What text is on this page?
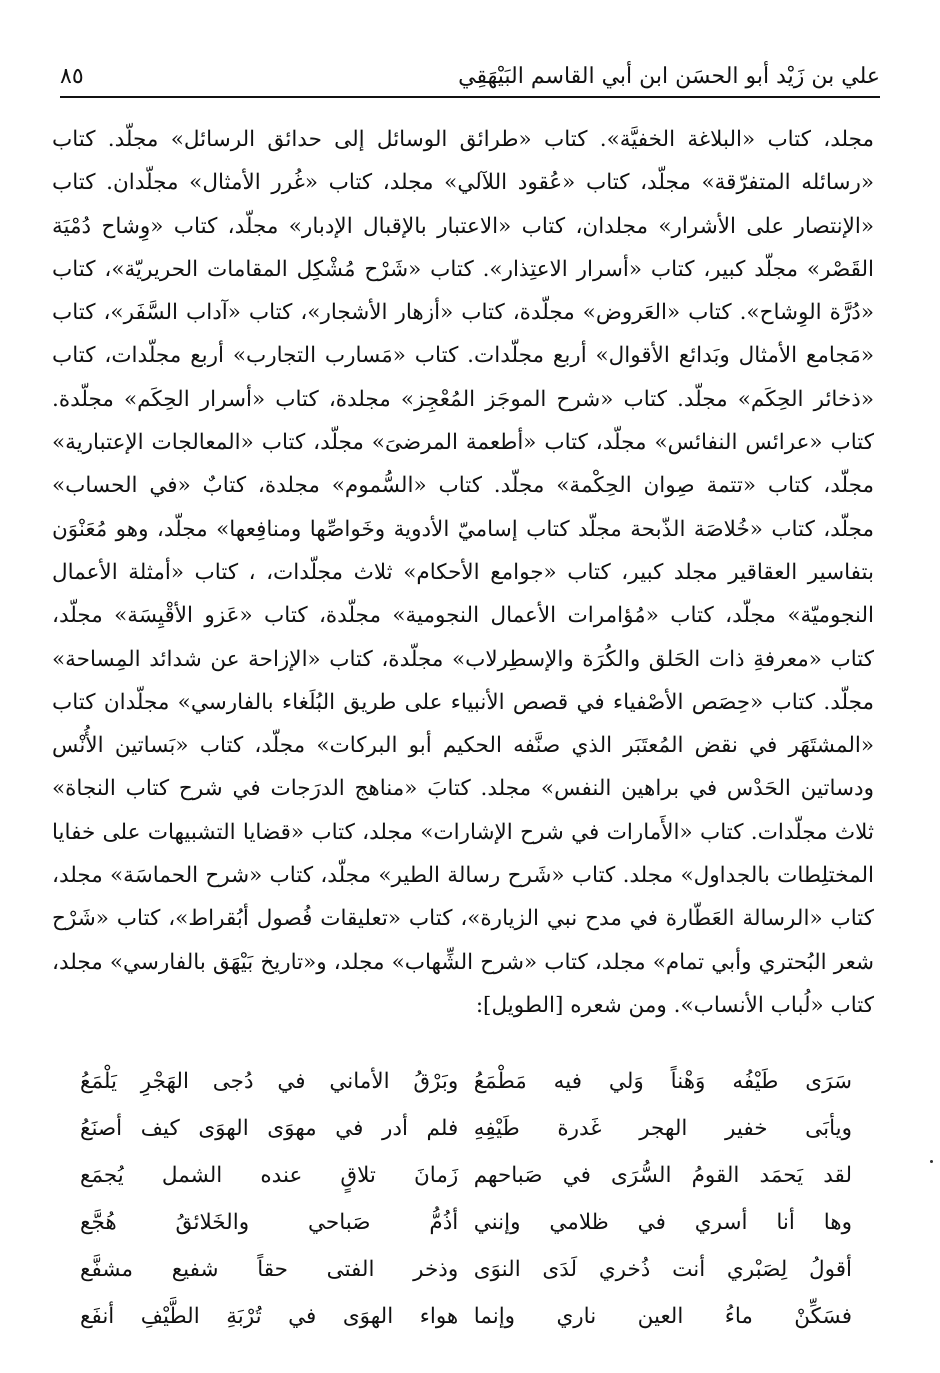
علي بن زَيْد أبو الحسَن ابن أبي القاسم البَيْهَقِي
٨٥
مجلد، كتاب «البلاغة الخفيَّة». كتاب «طرائق الوسائل إلى حدائق الرسائل» مجلّد. كتاب «رسائله المتفرّقة» مجلّد، كتاب «عُقود اللآلي» مجلد، كتاب «غُرر الأمثال» مجلّدان. كتاب «الإنتصار على الأشرار» مجلدان، كتاب «الاعتبار بالإقبال الإدبار» مجلّد، كتاب «وِشاح دُمْيَة القَصْر» مجلّد كبير، كتاب «أسرار الاعتِذار». كتاب «شَرْح مُشْكِل المقامات الحريريّة»، كتاب «دُرَّة الوِشاح». كتاب «العَروض» مجلّدة، كتاب «أزهار الأشجار»، كتاب «آداب السَّفَر»، كتاب «مَجامع الأمثال وبَدائع الأقوال» أربع مجلّدات. كتاب «مَسارب التجارب» أربع مجلّدات، كتاب «ذخائر الحِكَم» مجلّد. كتاب «شرح الموجَز المُعْجِز» مجلدة، كتاب «أسرار الحِكَم» مجلّدة. كتاب «عرائس النفائس» مجلّد، كتاب «أطعمة المرضىَ» مجلّد، كتاب «المعالجات الإعتبارية» مجلّد، كتاب «تتمة صِوان الحِكْمة» مجلّد. كتاب «السُّموم» مجلدة، كتابٌ «في الحساب» مجلّد، كتاب «خُلاصَة الذّبحة مجلّد كتاب إساميّ الأدوية وخَواصِّها ومنافِعها» مجلّد، وهو مُعَنْوَن بتفاسير العقاقير مجلد كبير، كتاب «جوامع الأحكام» ثلاث مجلّدات، ، كتاب «أمثلة الأعمال النجوميّة» مجلّد، كتاب «مُؤامرات الأعمال النجومية» مجلّدة، كتاب «عَزو الأقْيِسَة» مجلّد، كتاب «معرفةِ ذات الحَلق والكُرَة والإسطِرلاب» مجلّدة، كتاب «الإزاحة عن شدائد المِساحة» مجلّد. كتاب «حِصَص الأصْفياء في قصص الأنبياء على طريق البُلَغاء بالفارسي» مجلّدان كتاب «المشتَهَر في نقض المُعتَبَر الذي صنَّفه الحكيم أبو البركات» مجلّد، كتاب «بَساتين الأُنْس ودساتين الحَدْس في براهين النفس» مجلد. كتابَ «مناهج الدرَجات في شرح كتاب النجاة» ثلاث مجلّدات. كتاب «الأَمارات في شرح الإشارات» مجلد، كتاب «قضايا التشبيهات على خفايا المختلِطات بالجداول» مجلد. كتاب «شَرح رسالة الطير» مجلّد، كتاب «شرح الحماسَة» مجلد، كتاب «الرسالة العَطّارة في مدح نبي الزيارة»، كتاب «تعليقات فُصول أبُقراط»، كتاب «شَرْح شعر البُحتري وأبي تمام» مجلد، كتاب «شرح الشِّهاب» مجلد، و«تاريخ بَيْهَق بالفارسي» مجلد، كتاب «لُباب الأنساب». ومن شعره [الطويل]:
سَرَى طَيْفُه وَهْناً وَلي فيه مَطْمَعُ
وبَرْقُ الأماني في دُجى الهَجْرِ يَلْمَعُ
ويأبَى خفير الهجر غَدرة طَيْفِهِ
فلم أدر في مهوَى الهوَى كيف أصنَعُ
لقد يَحمَد القومُ السُّرَى في صَباحهم
زَمانَ تلاقٍ عنده الشمل يُجمَع
وها أنا أسري في ظلامي وإنني
أذُمُّ صَباحي والخَلائقُ هُجَّع
أقولُ لِصَبْري أنت ذُخري لَدَى النوَى
وذخر الفتى حقاً شفيع مشفَّع
فسَكِّنْ ماءُ العين ناري وإنما
هواء الهوَى في تُرْبَةِ الطَّيْفِ أنفَع
